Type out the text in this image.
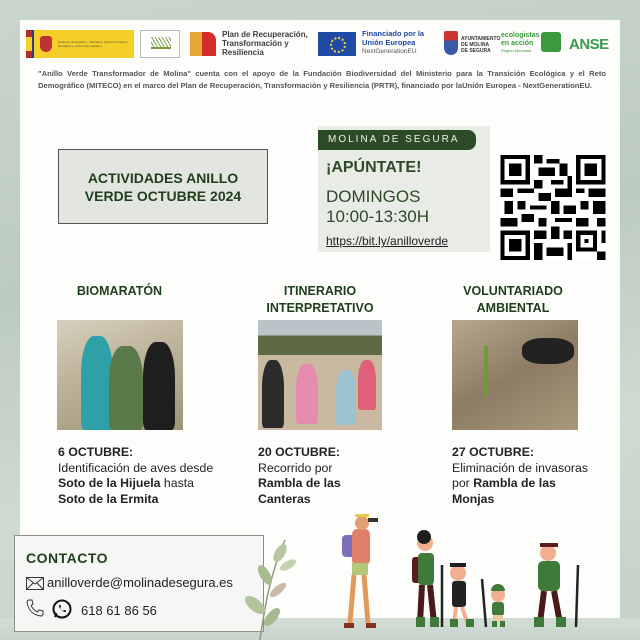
Gobierno de España — Ministerio para la Transición Ecológica y el Reto Demográfico
Plan de Recuperación, Transformación y Resiliencia
Financiado por la Unión Europea
NextGenerationEU
AYUNTAMIENTO DE MOLINA DE SEGURA
ecologistas en acción
Región Murciana	ANSE

"Anillo Verde Transformador de Molina" cuenta con el apoyo de la Fundación Biodiversidad del Ministerio para la Transición Ecológica y el Reto Demográfico (MITECO) en el marco del Plan de Recuperación, Transformación y Resiliencia (PRTR), financiado por laUnión Europea - NextGenerationEU.

ACTIVIDADES ANILLO VERDE OCTUBRE 2024
MOLINA DE SEGURA
¡APÚNTATE!
DOMINGOS
10:00-13:30H
https://bit.ly/anilloverde
BIOMARATÓN
6 OCTUBRE:
Identificación de aves desde Soto de la Hijuela hasta Soto de la Ermita
ITINERARIO INTERPRETATIVO
20 OCTUBRE:
Recorrido por Rambla de las Canteras
VOLUNTARIADO AMBIENTAL
27 OCTUBRE:
Eliminación de invasoras por Rambla de las Monjas
CONTACTO
anilloverde@molinadesegura.es
618 61 86 56
